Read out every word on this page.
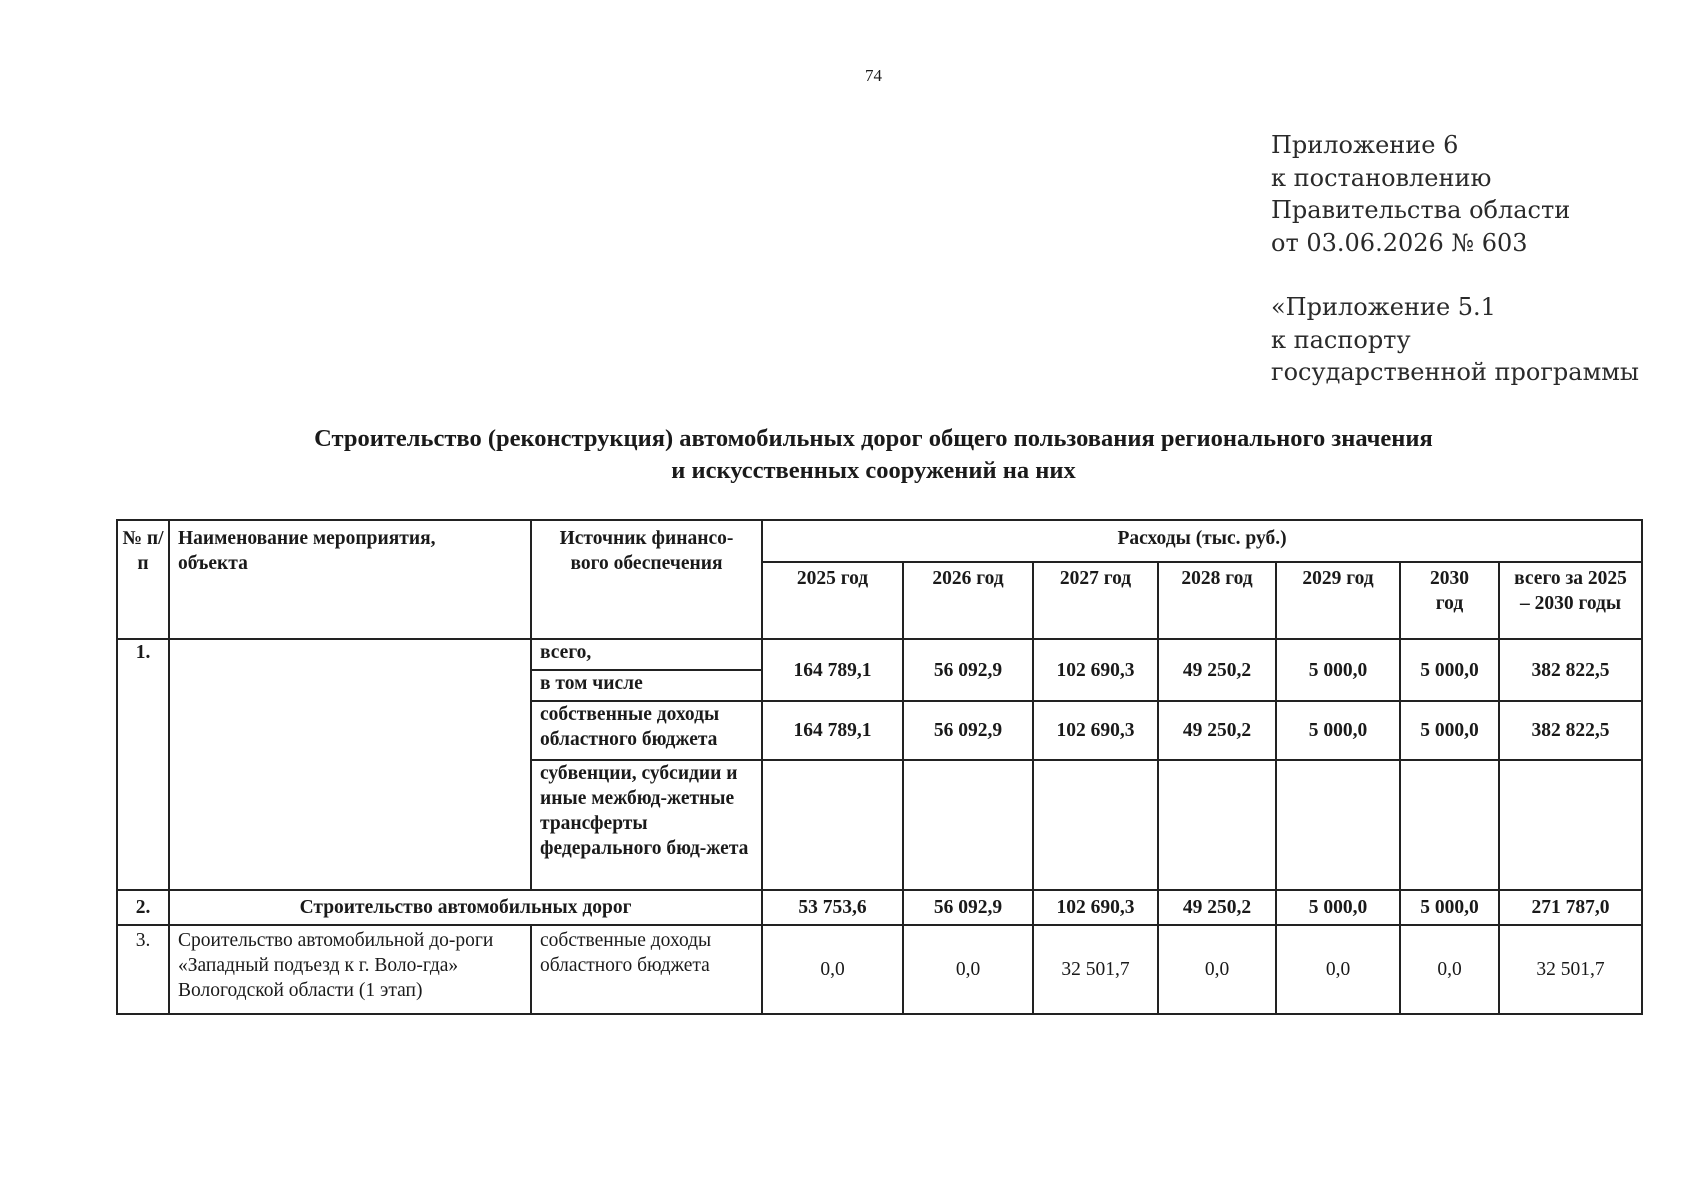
74
Приложение 6
к постановлению
Правительства области
от 03.06.2026 № 603
«Приложение 5.1
к паспорту
государственной программы
Строительство (реконструкция) автомобильных дорог общего пользования регионального значения
и искусственных сооружений на них
№ п/п	Наименование мероприятия, объекта	Источник финансо-вого обеспечения	Расходы (тыс. руб.)						
			2025 год	2026 год	2027 год	2028 год	2029 год	2030 год	всего за 2025 – 2030 годы
1.		всего,	164 789,1	56 092,9	102 690,3	49 250,2	5 000,0	5 000,0	382 822,5
		в том числе							
		собственные доходы областного бюджета	164 789,1	56 092,9	102 690,3	49 250,2	5 000,0	5 000,0	382 822,5
		субвенции, субсидии и иные межбюд-жетные трансферты федерального бюд-жета							
2.	Строительство автомобильных дорог		53 753,6	56 092,9	102 690,3	49 250,2	5 000,0	5 000,0	271 787,0
3.	Сроительство автомобильной до-роги «Западный подъезд к г. Воло-гда» Вологодской области (1 этап)	собственные доходы областного бюджета	0,0	0,0	32 501,7	0,0	0,0	0,0	32 501,7
